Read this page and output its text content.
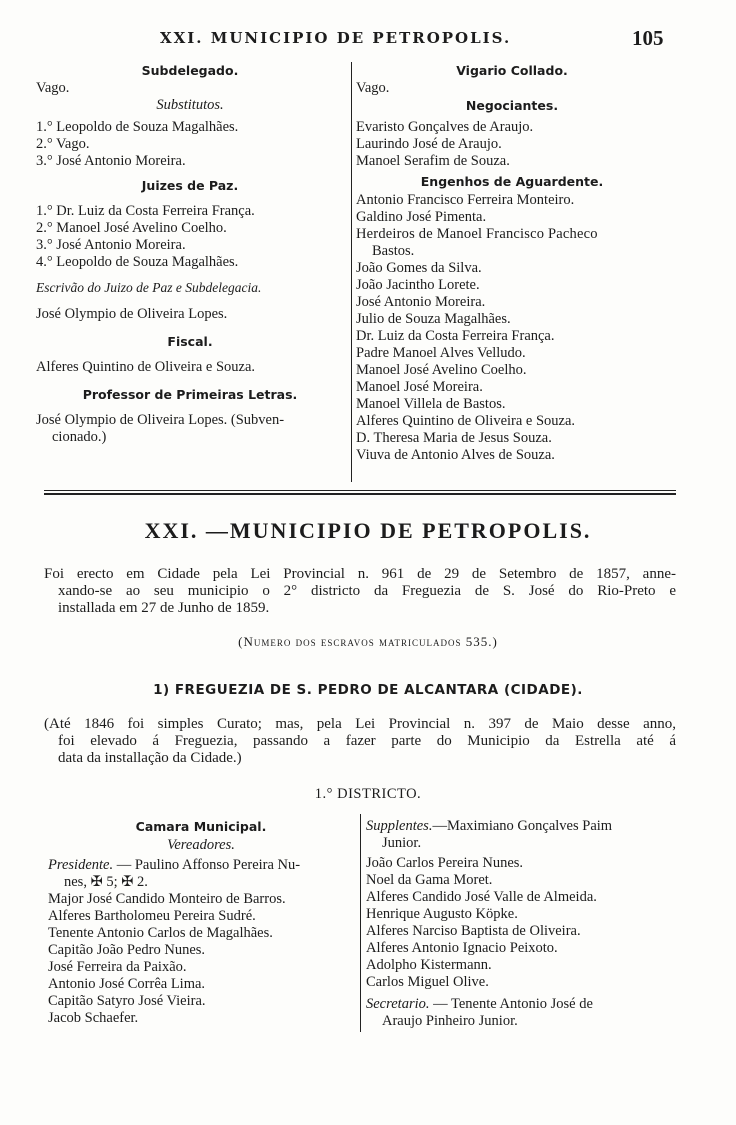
XXI. MUNICIPIO DE PETROPOLIS.	105
Subdelegado.
Vago.
Substitutos.
1.° Leopoldo de Souza Magalhães.
2.° Vago.
3.° José Antonio Moreira.
Juizes de Paz.
1.° Dr. Luiz da Costa Ferreira França.
2.° Manoel José Avelino Coelho.
3.° José Antonio Moreira.
4.° Leopoldo de Souza Magalhães.
Escrivão do Juizo de Paz e Subdelegacia.
José Olympio de Oliveira Lopes.
Fiscal.
Alferes Quintino de Oliveira e Souza.
Professor de Primeiras Letras.
José Olympio de Oliveira Lopes. (Subven-
cionado.)
Vigario Collado.
Vago.
Negociantes.
Evaristo Gonçalves de Araujo.
Laurindo José de Araujo.
Manoel Serafim de Souza.
Engenhos de Aguardente.
Antonio Francisco Ferreira Monteiro.
Galdino José Pimenta.
Herdeiros de Manoel Francisco Pacheco
Bastos.
João Gomes da Silva.
João Jacintho Lorete.
José Antonio Moreira.
Julio de Souza Magalhães.
Dr. Luiz da Costa Ferreira França.
Padre Manoel Alves Velludo.
Manoel José Avelino Coelho.
Manoel José Moreira.
Manoel Villela de Bastos.
Alferes Quintino de Oliveira e Souza.
D. Theresa Maria de Jesus Souza.
Viuva de Antonio Alves de Souza.
XXI. —MUNICIPIO DE PETROPOLIS.
Foi erecto em Cidade pela Lei Provincial n. 961 de 29 de Setembro de 1857, anne-
xando-se ao seu municipio o 2° districto da Freguezia de S. José do Rio-Preto e
installada em 27 de Junho de 1859.
(Numero dos escravos matriculados 535.)
1) FREGUEZIA DE S. PEDRO DE ALCANTARA (CIDADE).
(Até 1846 foi simples Curato; mas, pela Lei Provincial n. 397 de Maio desse anno,
foi elevado á Freguezia, passando a fazer parte do Municipio da Estrella até á
data da installação da Cidade.)
1.° DISTRICTO.
Camara Municipal.
Vereadores.
Presidente. — Paulino Affonso Pereira Nu-
nes, ✠ 5; ✠ 2.
Major José Candido Monteiro de Barros.
Alferes Bartholomeu Pereira Sudré.
Tenente Antonio Carlos de Magalhães.
Capitão João Pedro Nunes.
José Ferreira da Paixão.
Antonio José Corrêa Lima.
Capitão Satyro José Vieira.
Jacob Schaefer.
Supplentes.—Maximiano Gonçalves Paim
Junior.
João Carlos Pereira Nunes.
Noel da Gama Moret.
Alferes Candido José Valle de Almeida.
Henrique Augusto Köpke.
Alferes Narciso Baptista de Oliveira.
Alferes Antonio Ignacio Peixoto.
Adolpho Kistermann.
Carlos Miguel Olive.
Secretario. — Tenente Antonio José de
Araujo Pinheiro Junior.
